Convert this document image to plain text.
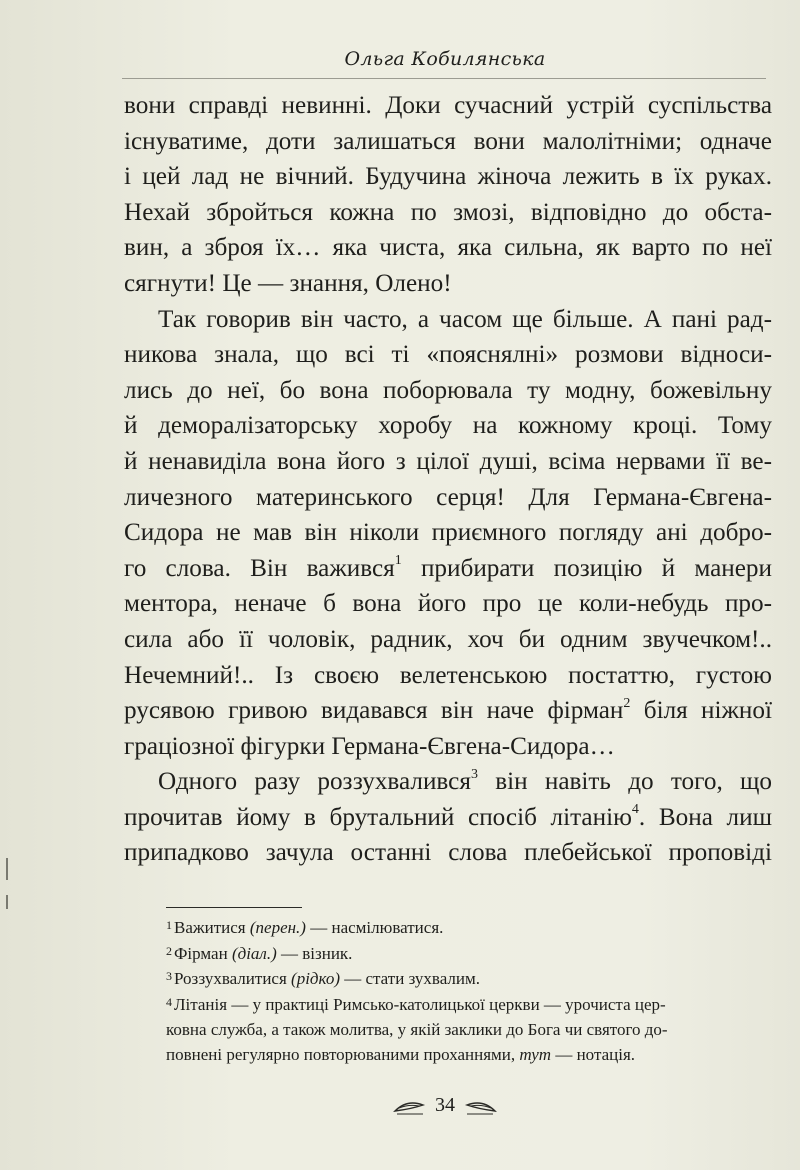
Ольга Кобилянська
вони справді невинні. Доки сучасний устрій суспільства
існуватиме, доти залишаться вони малолітніми; одначе
і цей лад не вічний. Будучина жіноча лежить в їх руках.
Нехай збройться кожна по змозі, відповідно до обста-
вин, а зброя їх… яка чиста, яка сильна, як варто по неї
сягнути! Це — знання, Олено!
Так говорив він часто, а часом ще більше. А пані рад-
никова знала, що всі ті «пояснялні» розмови відноси-
лись до неї, бо вона поборювала ту модну, божевільну
й деморалізаторську хоробу на кожному кроці. Тому
й ненавиділа вона його з цілої душі, всіма нервами її ве-
личезного материнського серця! Для Германа-Євгена-
Сидора не мав він ніколи приємного погляду ані добро-
го слова. Він важився$^1$ прибирати позицію й манери
ментора, неначе б вона його про це коли-небудь про-
сила або її чоловік, радник, хоч би одним звучечком!..
Нечемний!.. Із своєю велетенською постаттю, густою
русявою гривою видавався він наче фірман$^2$ біля ніжної
граціозної фігурки Германа-Євгена-Сидора…
Одного разу роззухвалився$^3$ він навіть до того, що
прочитав йому в брутальний спосіб літанію$^4$. Вона лиш
припадково зачула останні слова плебейської проповіді
$^1$ Важитися (перен.) — насмілюватися.
$^2$ Фірман (діал.) — візник.
$^3$ Роззухвалитися (рідко) — стати зухвалим.
$^4$ Літанія — у практиці Римсько-католицької церкви — урочиста цер-
ковна служба, а також молитва, у якій заклики до Бога чи святого до-
повнені регулярно повторюваними проханнями, тут — нотація.
34
